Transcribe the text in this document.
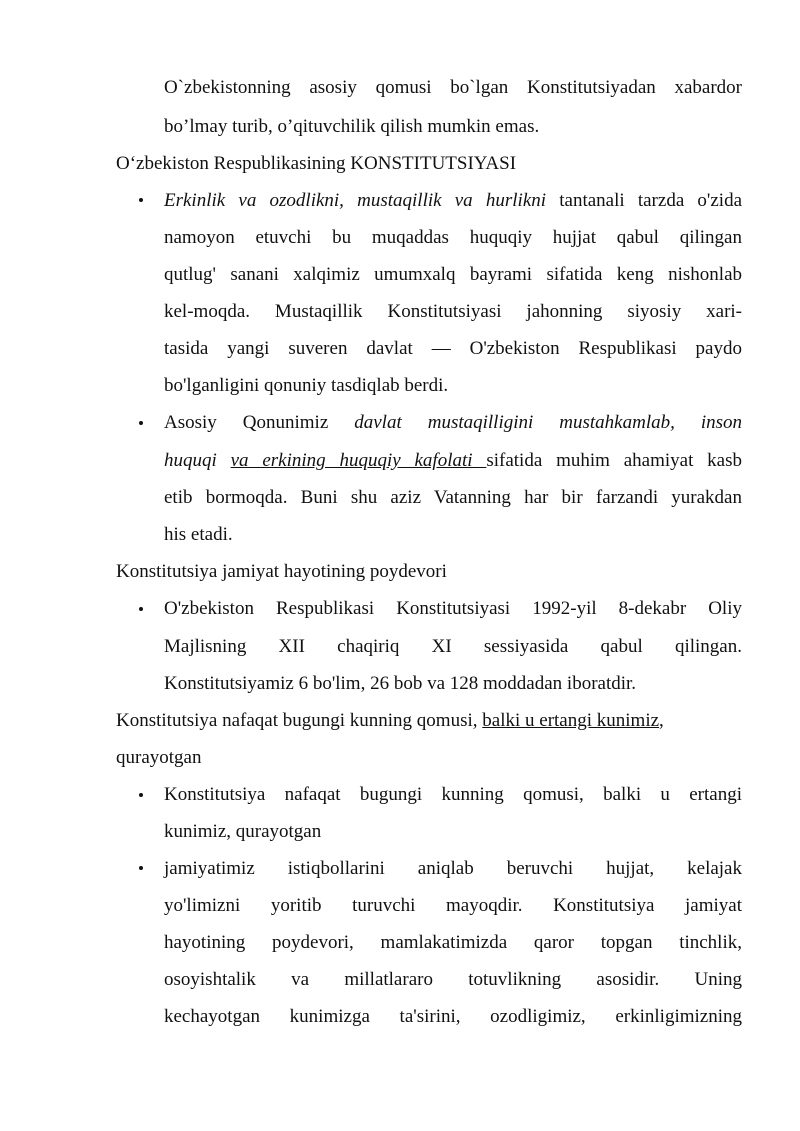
O`zbekistonning asosiy qomusi bo`lgan Konstitutsiyadan xabardor
bo’lmay turib, o’qituvchilik qilish mumkin emas.
O‘zbekiston Respublikasining KONSTITUTSIYASI
Erkinlik va ozodlikni, mustaqillik va hurlikni tantanali tarzda o'zida
namoyon etuvchi bu muqaddas huquqiy hujjat qabul qilingan
qutlug' sanani xalqimiz umumxalq bayrami sifatida keng nishonlab
kel-moqda. Mustaqillik Konstitutsiyasi jahonning siyosiy xari-
tasida yangi suveren davlat — O'zbekiston Respublikasi paydo
bo'lganligini qonuniy tasdiqlab berdi.
Asosiy Qonunimiz davlat mustaqilligini mustahkamlab, inson
huquqi va erkining huquqiy kafolati sifatida muhim ahamiyat kasb
etib bormoqda. Buni shu aziz Vatanning har bir farzandi yurakdan
his etadi.
Konstitutsiya jamiyat hayotining poydevori
O'zbekiston Respublikasi Konstitutsiyasi 1992-yil 8-dekabr Oliy
Majlisning XII chaqiriq XI sessiyasida qabul qilingan.
Konstitutsiyamiz 6 bo'lim, 26 bob va 128 moddadan iboratdir.
Konstitutsiya nafaqat bugungi kunning qomusi, balki u ertangi kunimiz,
qurayotgan
Konstitutsiya nafaqat bugungi kunning qomusi, balki u ertangi
kunimiz, qurayotgan
jamiyatimiz istiqbollarini aniqlab beruvchi hujjat, kelajak
yo'limizni yoritib turuvchi mayoqdir. Konstitutsiya jamiyat
hayotining poydevori, mamlakatimizda qaror topgan tinchlik,
osoyishtalik va millatlararo totuvlikning asosidir. Uning
kechayotgan kunimizga ta'sirini, ozodligimiz, erkinligimizning
